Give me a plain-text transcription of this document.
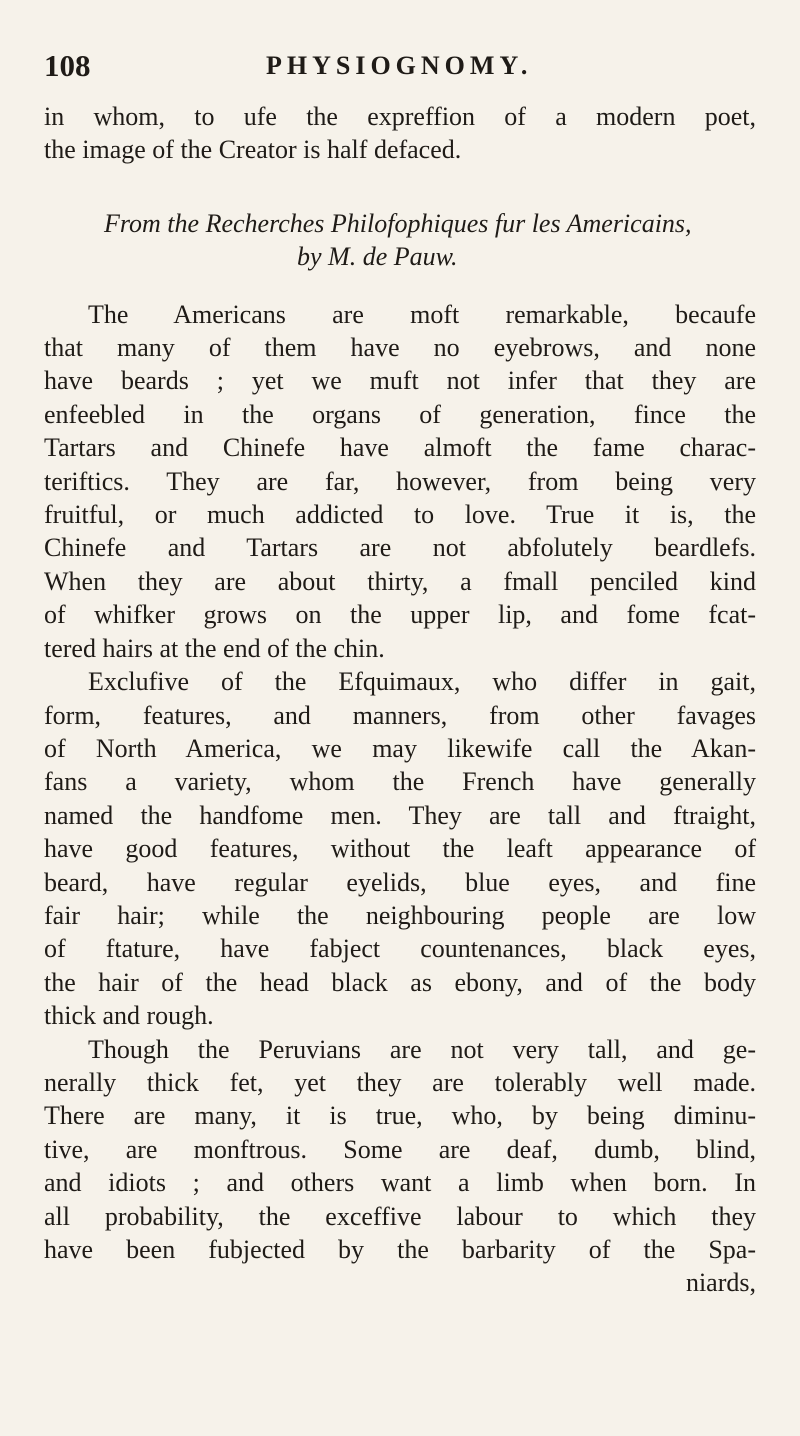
108	PHYSIOGNOMY.
in whom, to ufe the expreffion of a modern poet,
the image of the Creator is half defaced.
From the Recherches Philofophiques fur les Americains,
by M. de Pauw.
The Americans are moft remarkable, becaufe
that many of them have no eyebrows, and none
have beards ; yet we muft not infer that they are
enfeebled in the organs of generation, fince the
Tartars and Chinefe have almoft the fame charac-
teriftics. They are far, however, from being very
fruitful, or much addicted to love. True it is, the
Chinefe and Tartars are not abfolutely beardlefs.
When they are about thirty, a fmall penciled kind
of whifker grows on the upper lip, and fome fcat-
tered hairs at the end of the chin.
Exclufive of the Efquimaux, who differ in gait,
form, features, and manners, from other favages
of North America, we may likewife call the Akan-
fans a variety, whom the French have generally
named the handfome men. They are tall and ftraight,
have good features, without the leaft appearance of
beard, have regular eyelids, blue eyes, and fine
fair hair; while the neighbouring people are low
of ftature, have fabject countenances, black eyes,
the hair of the head black as ebony, and of the body
thick and rough.
Though the Peruvians are not very tall, and ge-
nerally thick fet, yet they are tolerably well made.
There are many, it is true, who, by being diminu-
tive, are monftrous. Some are deaf, dumb, blind,
and idiots ; and others want a limb when born. In
all probability, the exceffive labour to which they
have been fubjected by the barbarity of the Spa-
niards,
